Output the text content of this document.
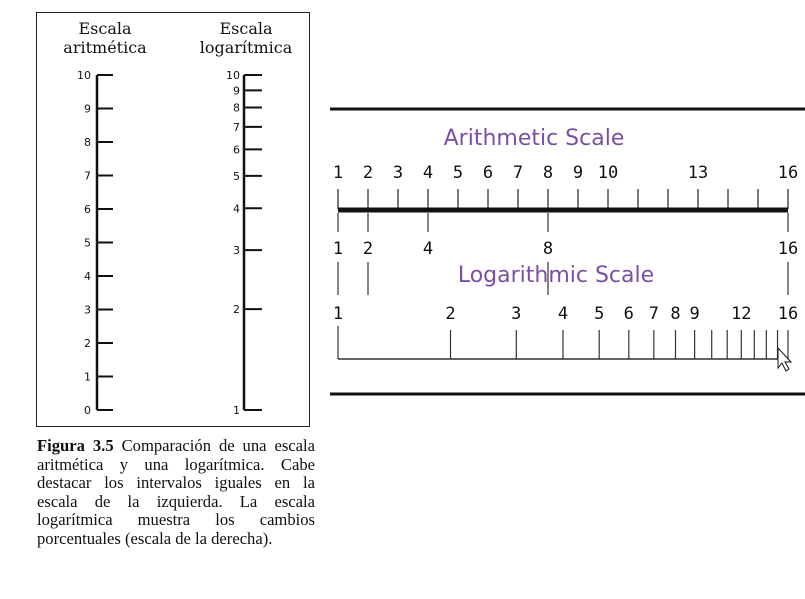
Escala
aritmética
Escala
logarítmica
0
1
2
3
4
5
6
7
8
9
10
1
2
3
4
5
6
7
8
9
10
Figura 3.5 Comparación de una escala aritmética y una logarítmica. Cabe destacar los intervalos iguales en la escala de la izquierda. La escala logarítmica muestra los cambios porcentuales (escala de la derecha).
Arithmetic Scale
Logarithmic Scale
1 2 3 4 5 6 7 8 9 10	13	16
1 2	4	8	16
1	2	3 4 5 6 7 8 9 12 16
